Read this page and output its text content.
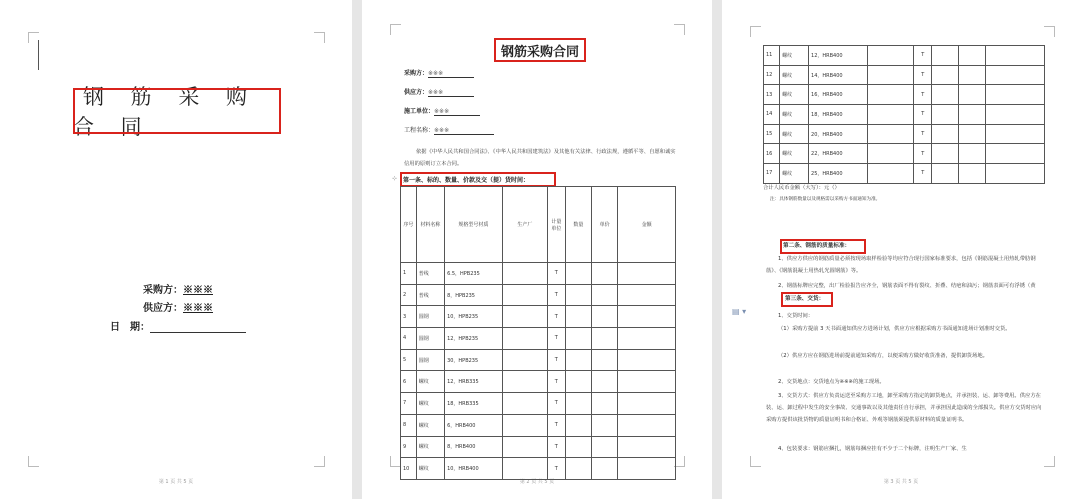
钢 筋 采 购 合 同
采购方：※※※
供应方：※※※
日　期：
第 1 页 共 5 页	第 2 页 共 5 页
钢筋采购合同
采购方：※※※
供应方：※※※
施工单位：※※※
工程名称：※※※
依据《中华人民共和国合同法》、《中华人民共和国建筑法》及其他有关法律、行政法规，遵循平等、自愿和诚实信用的原则订立本合同。
第一条、标的、数量、价款及交（提）货时间：
⊹
序号	材料名称	规格型号材质	生产厂	计量单位	数量	单价	金额
1	普线	6.5，HPB235		T			
2	普线	8，HPB235		T			
3	圆钢	10，HPB235		T			
4	圆钢	12，HPB235		T			
5	圆钢	30，HPB235		T			
6	螺纹	12，HRB335		T			
7	螺纹	18，HRB335		T			
8	螺纹	6，HRB400		T			
9	螺纹	8，HRB400		T			
10	螺纹	10，HRB400		T			
第 3 页 共 5 页
11	螺纹	12，HRB400		T			
12	螺纹	14，HRB400		T			
13	螺纹	16，HRB400		T			
14	螺纹	18，HRB400		T			
15	螺纹	20，HRB400		T			
16	螺纹	22，HRB400		T			
17	螺纹	25，HRB400		T			
合计人民币金额（大写）：元（）
注：具体钢筋数量以及规格需以采购方书面通知为准。
第二条、钢筋的质量标准：
1、供应方供应的钢筋质量必须按现场取样检验等均应符合现行国家标准要求，包括《钢筋混凝土用热轧带肋钢筋》、《钢筋混凝土用热轧光圆钢筋》等。
2、钢筋标牌应完整，出厂检验报告应齐全，钢筋表面不得有裂纹、折叠、结疤和油污；钢筋表面可有浮锈（黄
▤ ▾
第三条、交货：
1、交货时间：
（1）采购方提前 3 天书面通知供应方进场计划，供应方应根据采购方书面通知进场计划准时交货。
（2）供应方应在钢筋进场前提前通知采购方，以便采购方做好收货准备，提供卸货场地。
2、交货地点：交货地点为※※※的施工现场。
3、交货方式：供应方负责运送至采购方工地，卸至采购方指定的卸货地点，并承担装、运、卸等费用。供应方在装、运、卸过程中发生的安全事故、交通事故以及其他责任自行承担，并承担因此造成的全部损失。供应方交货时应向采购方提供该批货物的质量证明书和合格证、外观等钢筋须提供原材料的质量证明书。
4、包装要求：钢筋应捆扎，钢筋每捆应挂有不少于二个标牌，注明生产厂家、生
